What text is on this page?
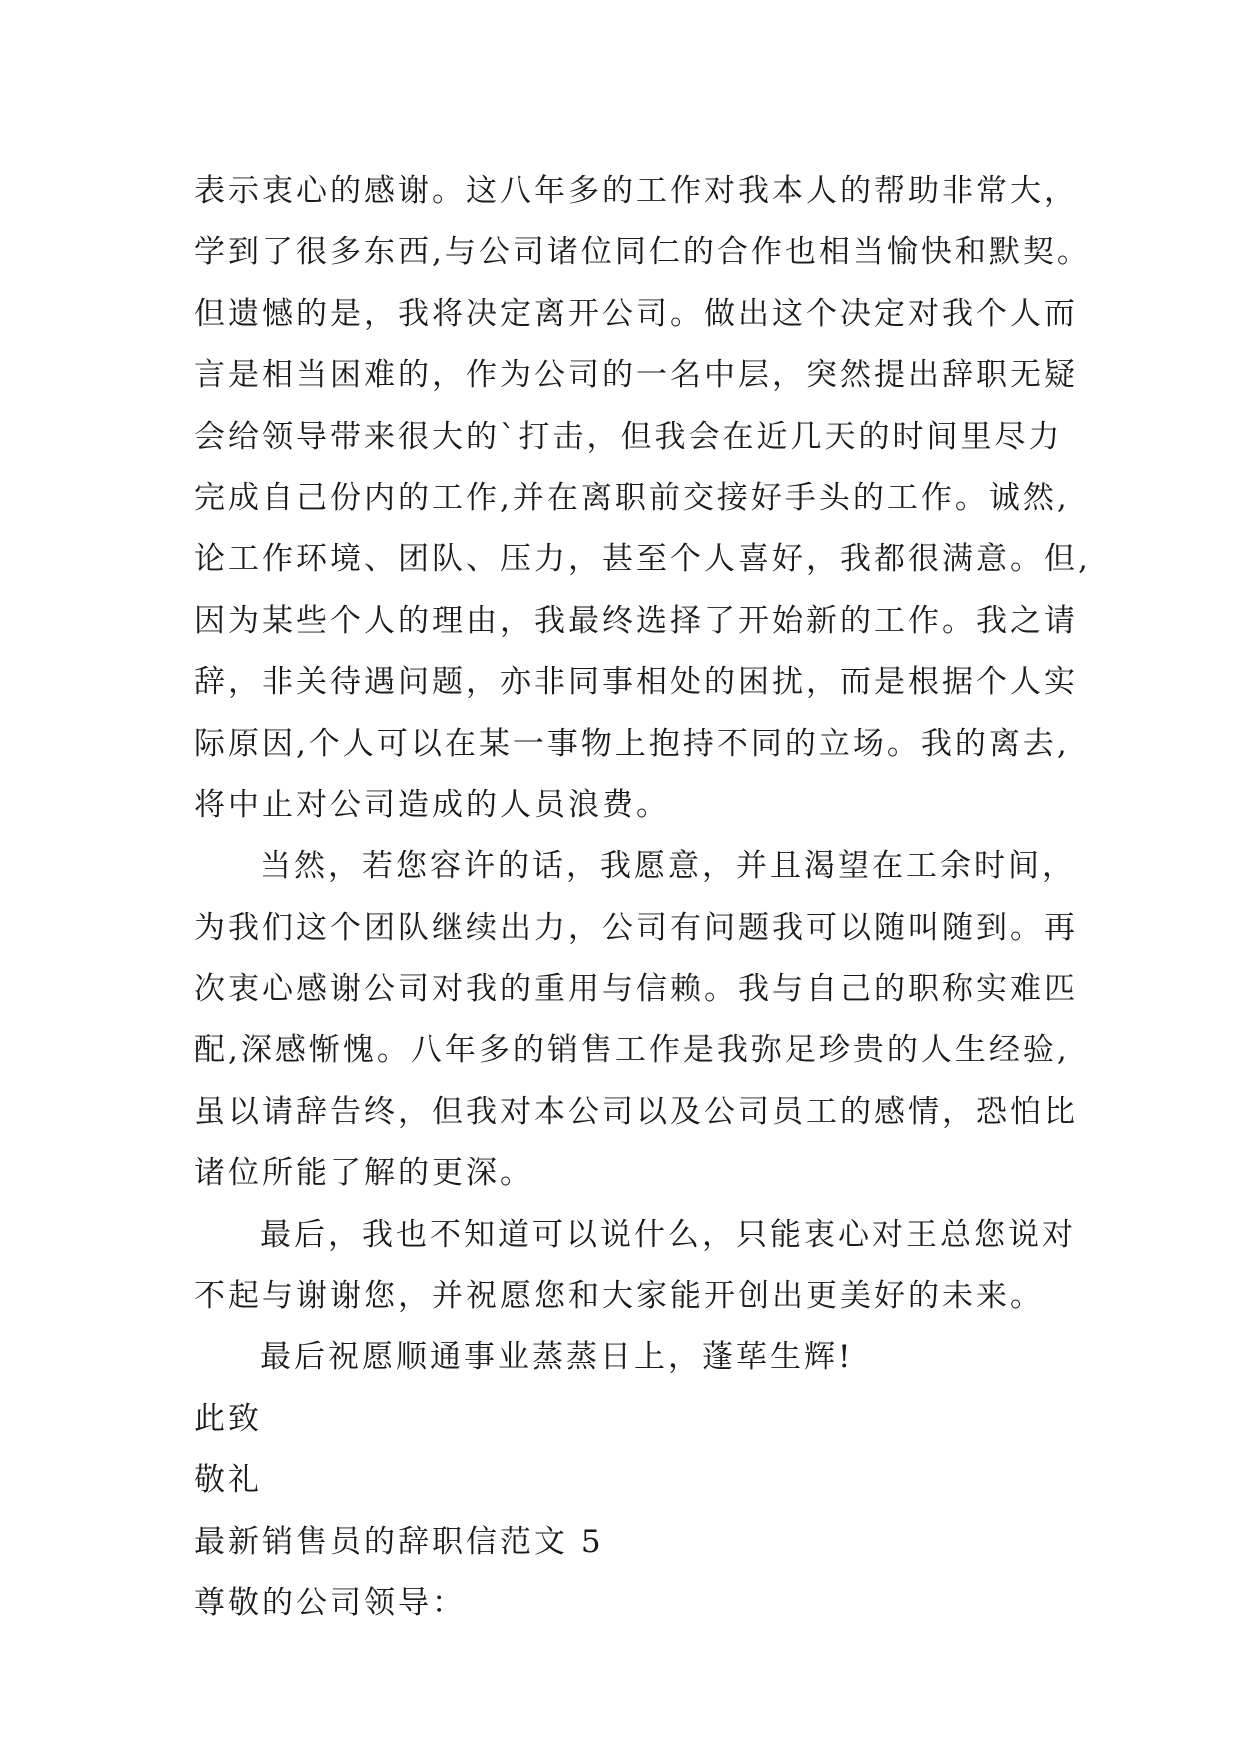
表示衷心的感谢。这八年多的工作对我本人的帮助非常大，
学到了很多东西,与公司诸位同仁的合作也相当愉快和默契。
但遗憾的是，我将决定离开公司。做出这个决定对我个人而
言是相当困难的，作为公司的一名中层，突然提出辞职无疑
会给领导带来很大的`打击，但我会在近几天的时间里尽力
完成自己份内的工作,并在离职前交接好手头的工作。诚然,
论工作环境、团队、压力，甚至个人喜好，我都很满意。但,
因为某些个人的理由，我最终选择了开始新的工作。我之请
辞，非关待遇问题，亦非同事相处的困扰，而是根据个人实
际原因,个人可以在某一事物上抱持不同的立场。我的离去,
将中止对公司造成的人员浪费。
当然，若您容许的话，我愿意，并且渴望在工余时间，
为我们这个团队继续出力，公司有问题我可以随叫随到。再
次衷心感谢公司对我的重用与信赖。我与自己的职称实难匹
配,深感惭愧。八年多的销售工作是我弥足珍贵的人生经验,
虽以请辞告终，但我对本公司以及公司员工的感情，恐怕比
诸位所能了解的更深。
最后，我也不知道可以说什么，只能衷心对王总您说对
不起与谢谢您，并祝愿您和大家能开创出更美好的未来。
最后祝愿顺通事业蒸蒸日上，蓬荜生辉!
此致
敬礼
最新销售员的辞职信范文 5
尊敬的公司领导：
